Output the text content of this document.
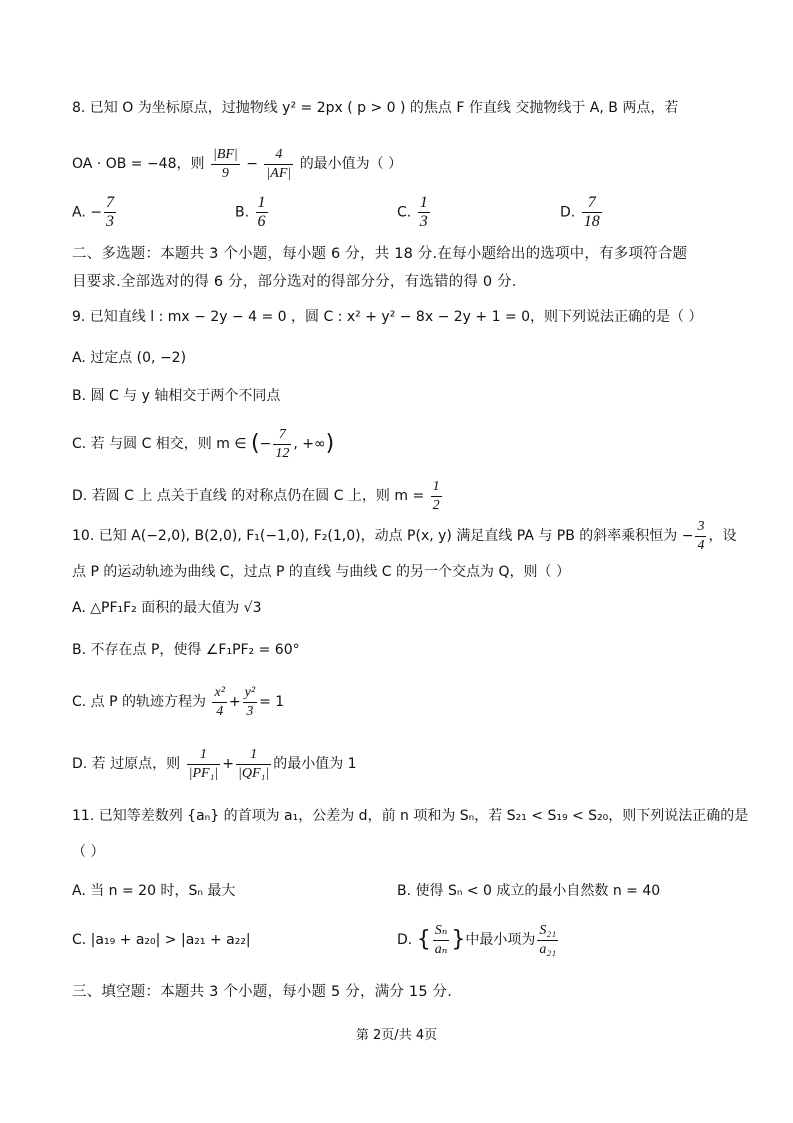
8. 已知 O 为坐标原点，过抛物线 y² = 2px ( p > 0 ) 的焦点 F 作直线 交抛物线于 A, B 两点，若
OA · OB = −48，则 $\frac{|BF|}{9} - \frac{4}{|AF|}$ 的最小值为（ ）
A. − $\frac{7}{3}$	B. $\frac{1}{6}$	C. $\frac{1}{3}$	D. $\frac{7}{18}$
二、多选题：本题共 3 个小题，每小题 6 分，共 18 分.在每小题给出的选项中，有多项符合题
目要求.全部选对的得 6 分，部分选对的得部分分，有选错的得 0 分.
9. 已知直线 l : mx − 2y − 4 = 0 ，圆 C : x² + y² − 8x − 2y + 1 = 0，则下列说法正确的是（ ）
A. 过定点 (0, −2)
B. 圆 C 与 y 轴相交于两个不同点
C. 若 与圆 C 相交，则 m ∈ (− $\frac{7}{12}$ , +∞)
D. 若圆 C 上 点关于直线 的对称点仍在圆 C 上，则 $m = \frac{1}{2}$
10. 已知 A(−2,0), B(2,0), F₁(−1,0), F₂(1,0)，动点 P(x, y) 满足直线 PA 与 PB 的斜率乘积恒为 − $\frac{3}{4}$ ，设
点 P 的运动轨迹为曲线 C，过点 P 的直线 与曲线 C 的另一个交点为 Q，则（ ）
A. △PF₁F₂ 面积的最大值为 √3
B. 不存在点 P，使得 ∠F₁PF₂ = 60°
C. 点 P 的轨迹方程为 $\frac{\text{x²}}{4} + \frac{\text{y²}}{3} = 1$
D. 若 过原点，则 $\frac{1}{\text{|PF₁|}} + \frac{1}{\text{|QF₁|}}$ 的最小值为 1
11. 已知等差数列 {aₙ} 的首项为 a₁，公差为 d，前 n 项和为 Sₙ，若 S₂₁ < S₁₉ < S₂₀，则下列说法正确的是
（ ）
A. 当 n = 20 时，Sₙ 最大	B. 使得 Sₙ < 0 成立的最小自然数 n = 40
C. |a₁₉ + a₂₀| > |a₂₁ + a₂₂|	D. { $\frac{\text{Sₙ}}{\text{aₙ}}$ }中最小项为 $\frac{\text{S₂₁}}{\text{a₂₁}}$
三、填空题：本题共 3 个小题，每小题 5 分，满分 15 分.
第 2页/共 4页
